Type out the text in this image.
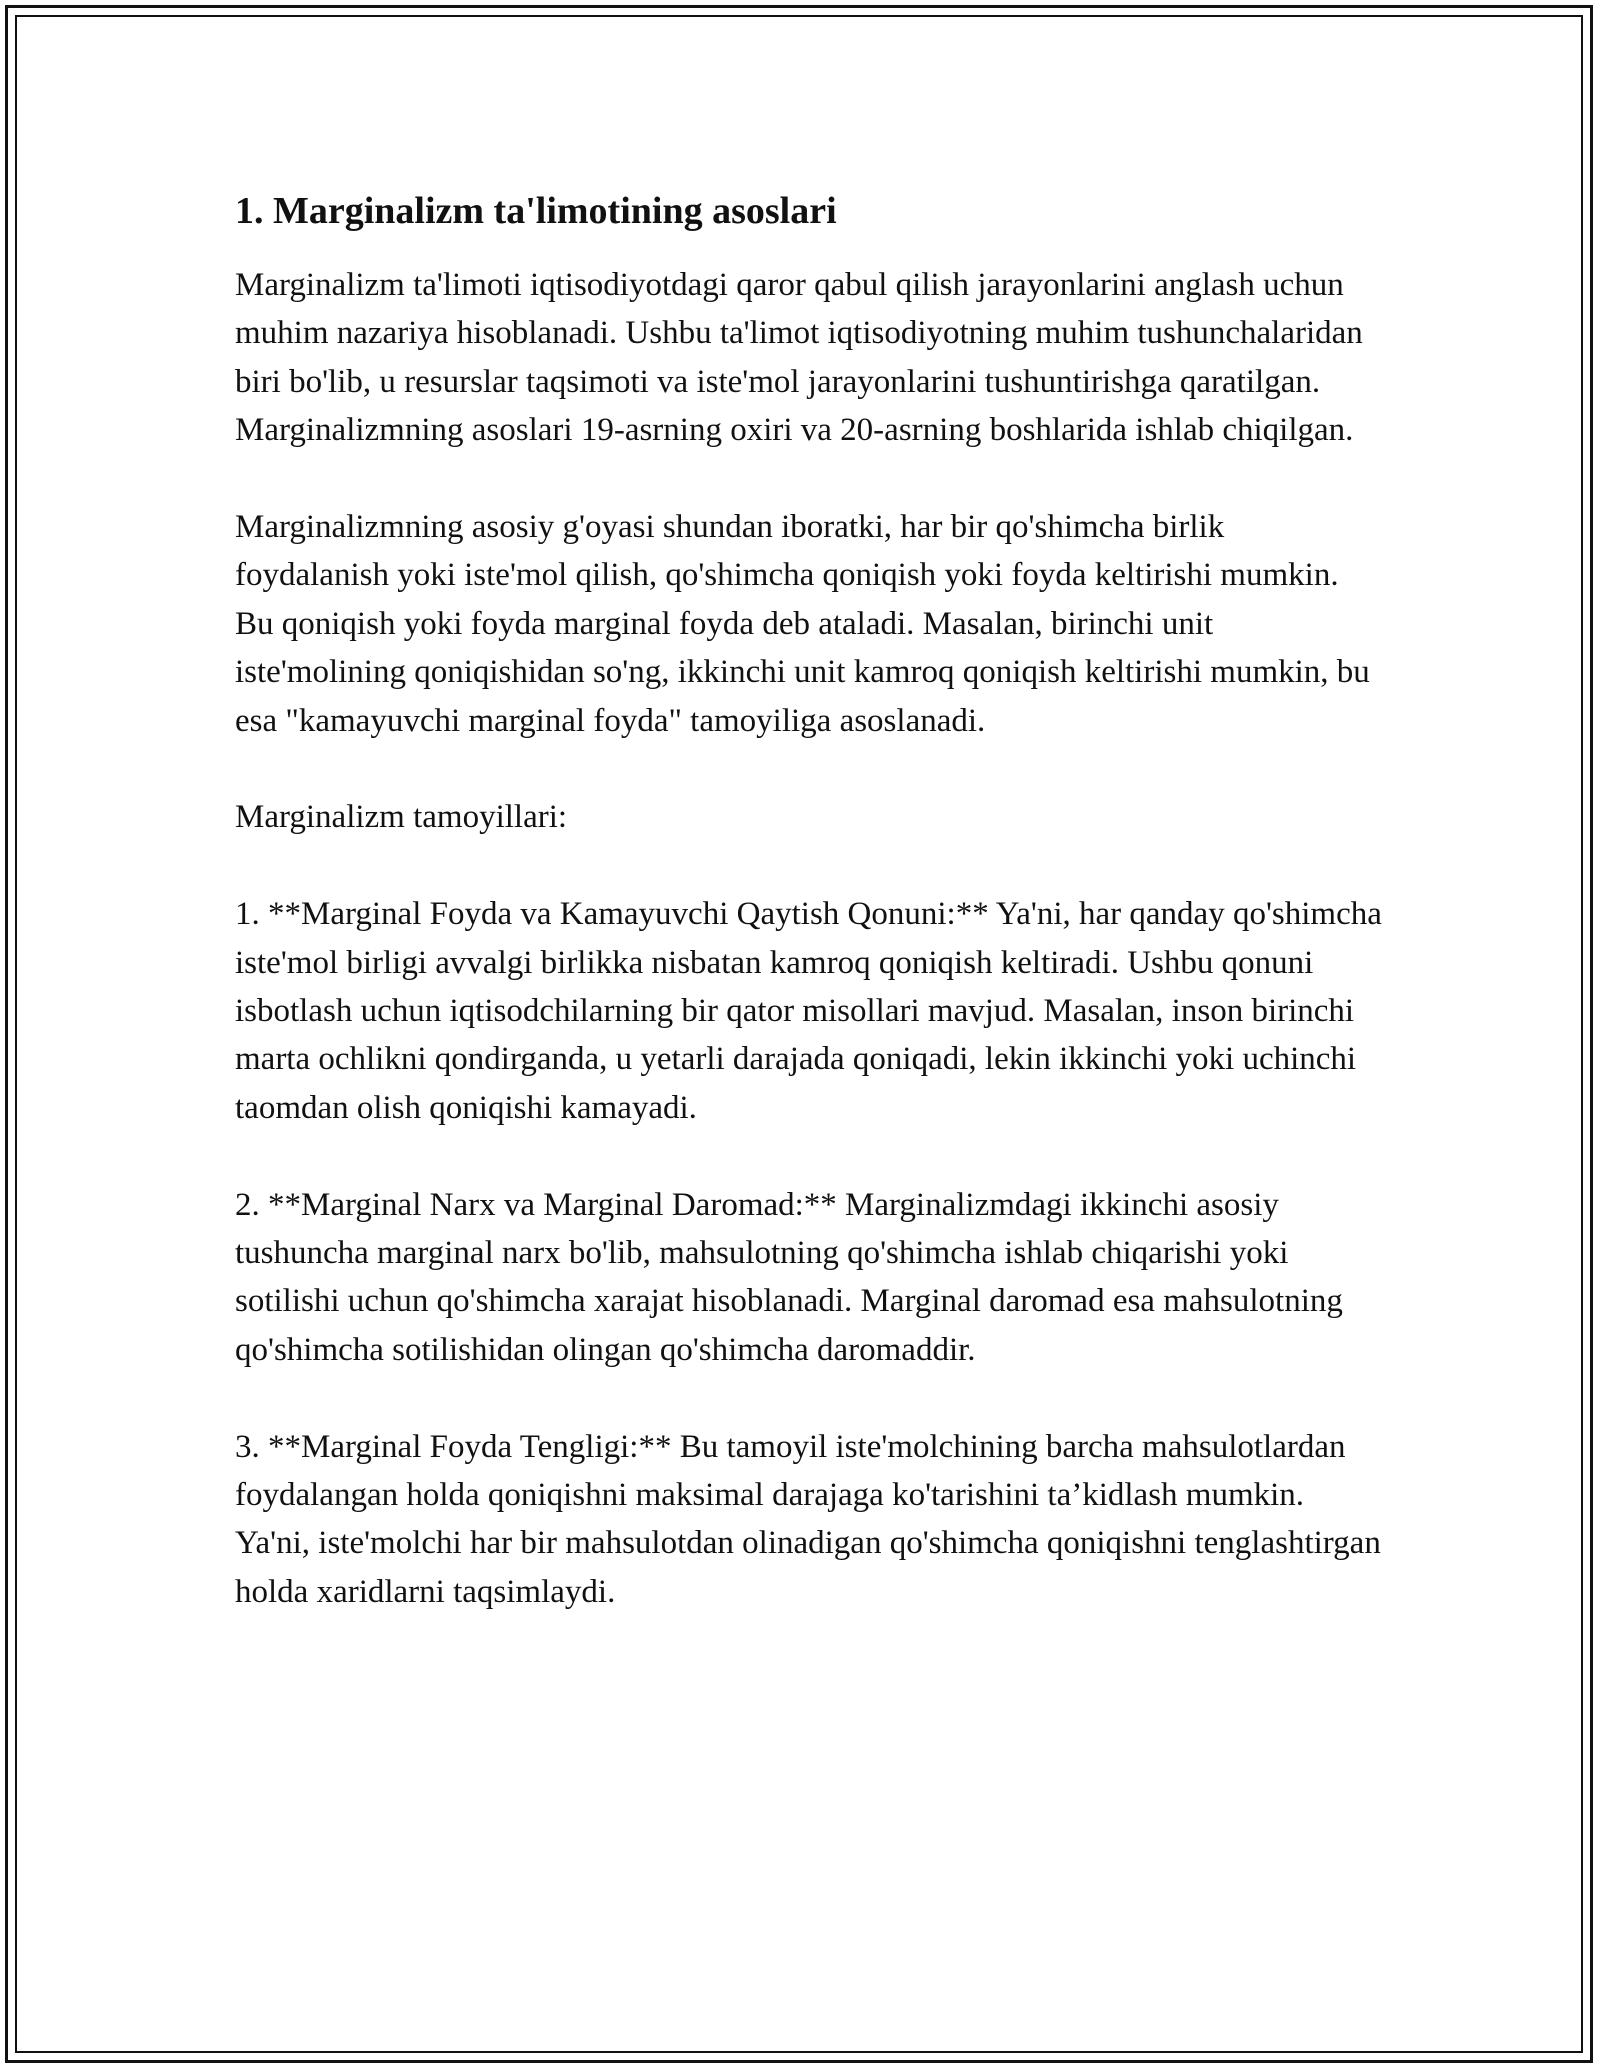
1. Marginalizm ta'limotining asoslari

Marginalizm ta'limoti iqtisodiyotdagi qaror qabul qilish jarayonlarini anglash uchun muhim nazariya hisoblanadi. Ushbu ta'limot iqtisodiyotning muhim tushunchalaridan biri bo'lib, u resurslar taqsimoti va iste'mol jarayonlarini tushuntirishga qaratilgan. Marginalizmning asoslari 19-asrning oxiri va 20-asrning boshlarida ishlab chiqilgan.

Marginalizmning asosiy g'oyasi shundan iboratki, har bir qo'shimcha birlik foydalanish yoki iste'mol qilish, qo'shimcha qoniqish yoki foyda keltirishi mumkin. Bu qoniqish yoki foyda marginal foyda deb ataladi. Masalan, birinchi unit iste'molining qoniqishidan so'ng, ikkinchi unit kamroq qoniqish keltirishi mumkin, bu esa "kamayuvchi marginal foyda" tamoyiliga asoslanadi.

Marginalizm tamoyillari:

1. **Marginal Foyda va Kamayuvchi Qaytish Qonuni:** Ya'ni, har qanday qo'shimcha iste'mol birligi avvalgi birlikka nisbatan kamroq qoniqish keltiradi. Ushbu qonuni isbotlash uchun iqtisodchilarning bir qator misollari mavjud. Masalan, inson birinchi marta ochlikni qondirganda, u yetarli darajada qoniqadi, lekin ikkinchi yoki uchinchi taomdan olish qoniqishi kamayadi.

2. **Marginal Narx va Marginal Daromad:** Marginalizmdagi ikkinchi asosiy tushuncha marginal narx bo'lib, mahsulotning qo'shimcha ishlab chiqarishi yoki sotilishi uchun qo'shimcha xarajat hisoblanadi. Marginal daromad esa mahsulotning qo'shimcha sotilishidan olingan qo'shimcha daromaddir.

3. **Marginal Foyda Tengligi:** Bu tamoyil iste'molchining barcha mahsulotlardan foydalangan holda qoniqishni maksimal darajaga ko'tarishini ta’kidlash mumkin. Ya'ni, iste'molchi har bir mahsulotdan olinadigan qo'shimcha qoniqishni tenglashtirgan holda xaridlarni taqsimlaydi.
